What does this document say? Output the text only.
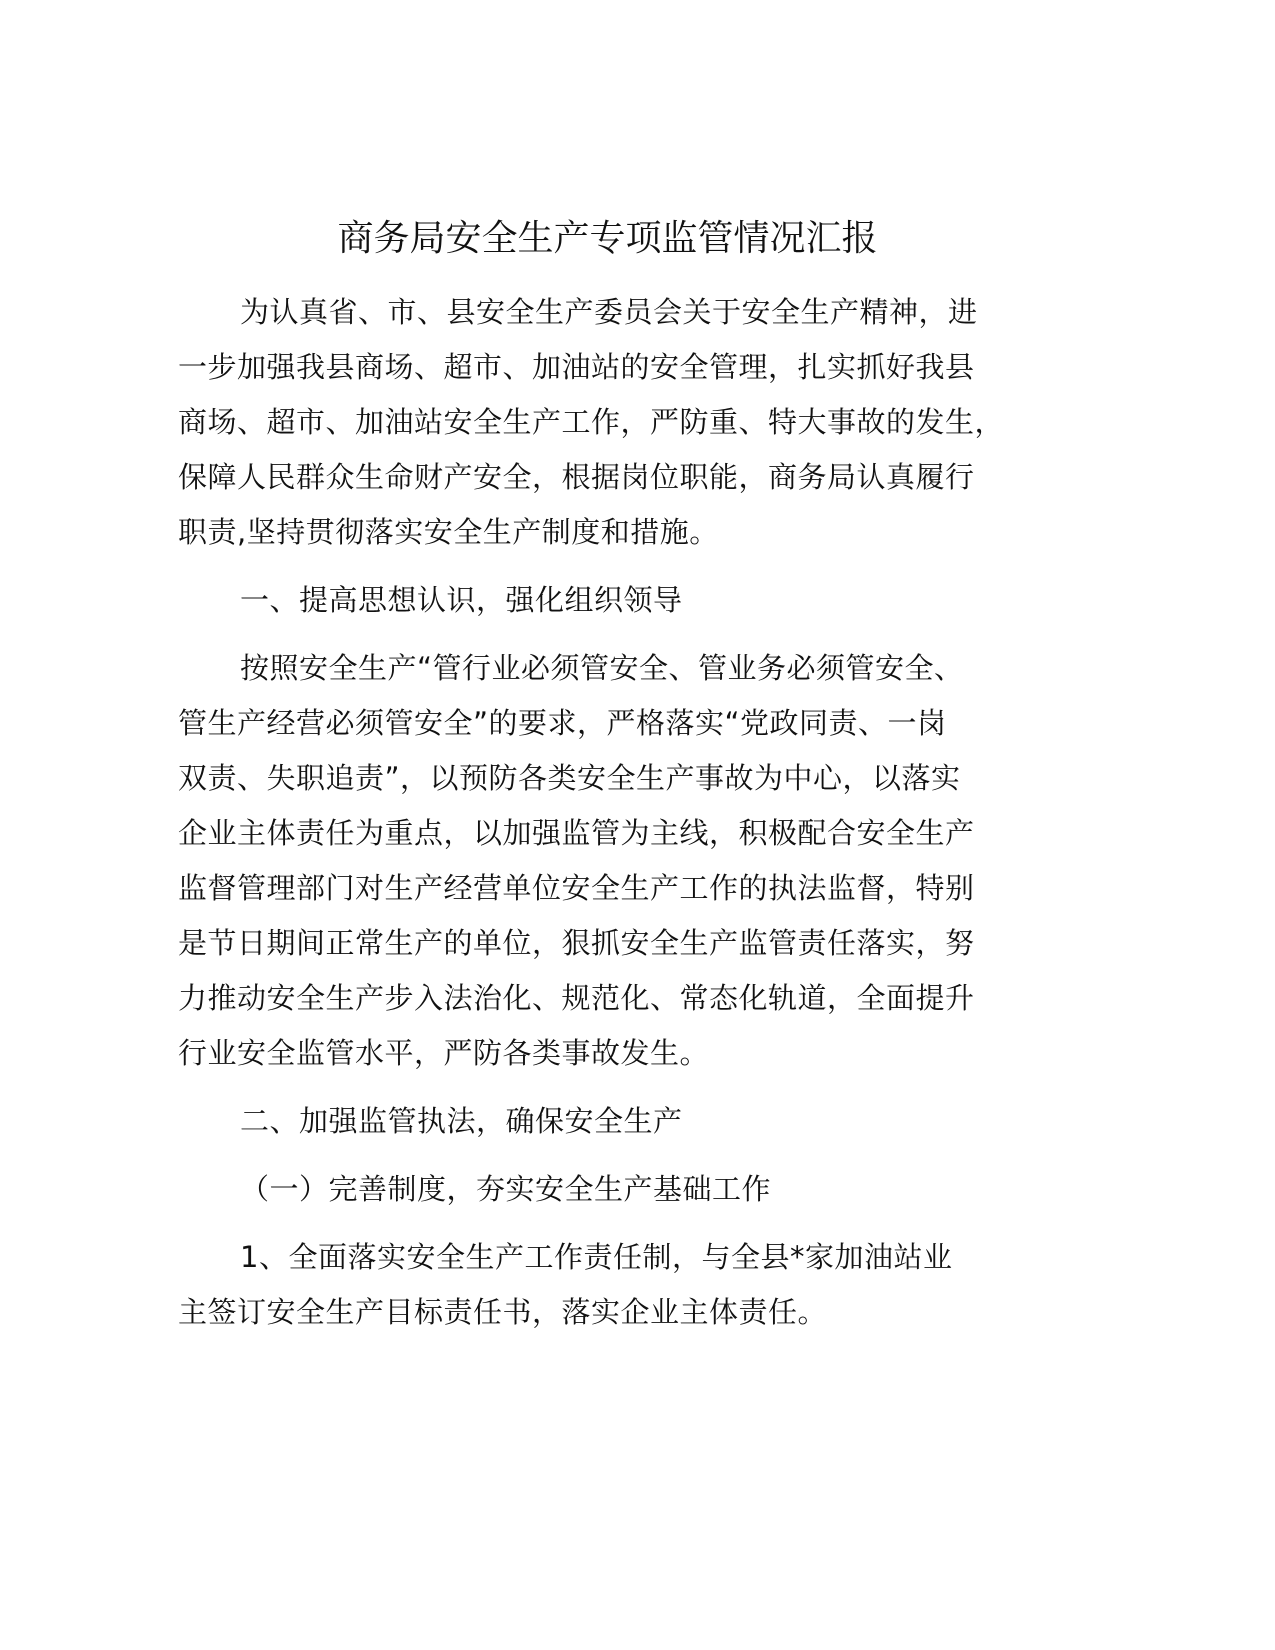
商务局安全生产专项监管情况汇报
为认真省、市、县安全生产委员会关于安全生产精神，进
一步加强我县商场、超市、加油站的安全管理，扎实抓好我县
商场、超市、加油站安全生产工作，严防重、特大事故的发生，
保障人民群众生命财产安全，根据岗位职能，商务局认真履行
职责,坚持贯彻落实安全生产制度和措施。
一、提高思想认识，强化组织领导
按照安全生产“管行业必须管安全、管业务必须管安全、
管生产经营必须管安全”的要求，严格落实“党政同责、一岗
双责、失职追责”，以预防各类安全生产事故为中心，以落实
企业主体责任为重点，以加强监管为主线，积极配合安全生产
监督管理部门对生产经营单位安全生产工作的执法监督，特别
是节日期间正常生产的单位，狠抓安全生产监管责任落实，努
力推动安全生产步入法治化、规范化、常态化轨道，全面提升
行业安全监管水平，严防各类事故发生。
二、加强监管执法，确保安全生产
（一）完善制度，夯实安全生产基础工作
1、全面落实安全生产工作责任制，与全县*家加油站业
主签订安全生产目标责任书，落实企业主体责任。
